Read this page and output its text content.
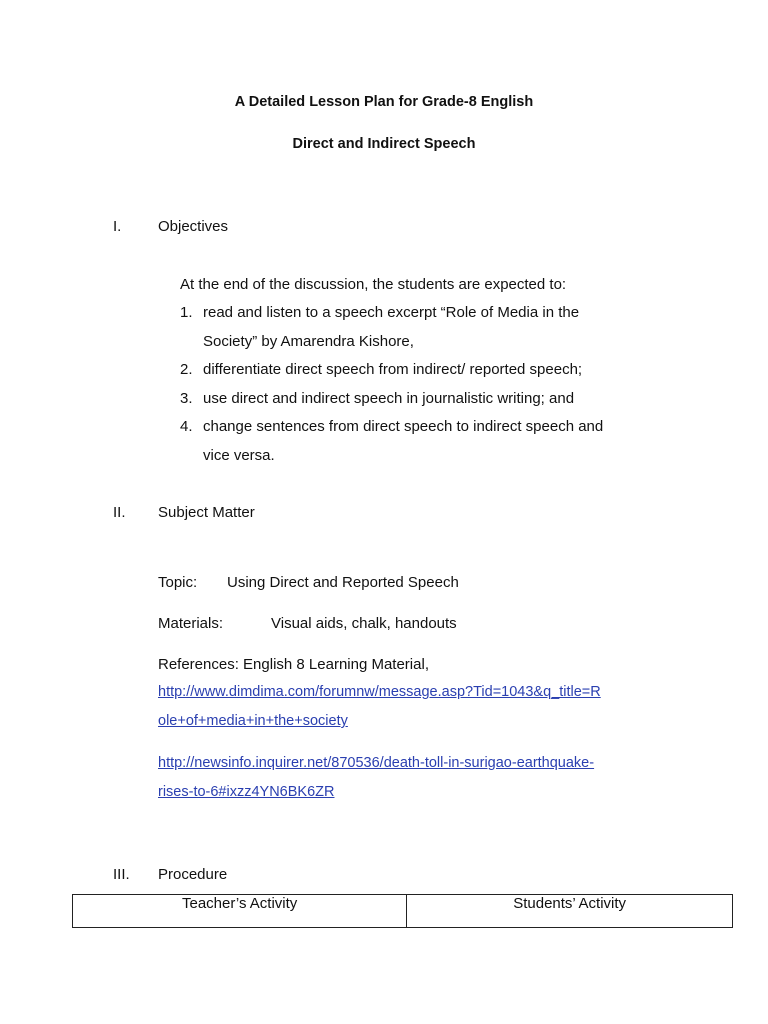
A Detailed Lesson Plan for Grade-8 English
Direct and Indirect Speech
I. Objectives
At the end of the discussion, the students are expected to:
1. read and listen to a speech excerpt “Role of Media in the
Society” by Amarendra Kishore,
2. differentiate direct speech from indirect/ reported speech;
3. use direct and indirect speech in journalistic writing; and
4. change sentences from direct speech to indirect speech and
vice versa.
II. Subject Matter
Topic: Using Direct and Reported Speech
Materials:	Visual aids, chalk, handouts
References: English 8 Learning Material,
http://www.dimdima.com/forumnw/message.asp?Tid=1043&q_title=R
ole+of+media+in+the+society
http://newsinfo.inquirer.net/870536/death-toll-in-surigao-earthquake-
rises-to-6#ixzz4YN6BK6ZR
III. Procedure
Teacher’s Activity	Students’ Activity
